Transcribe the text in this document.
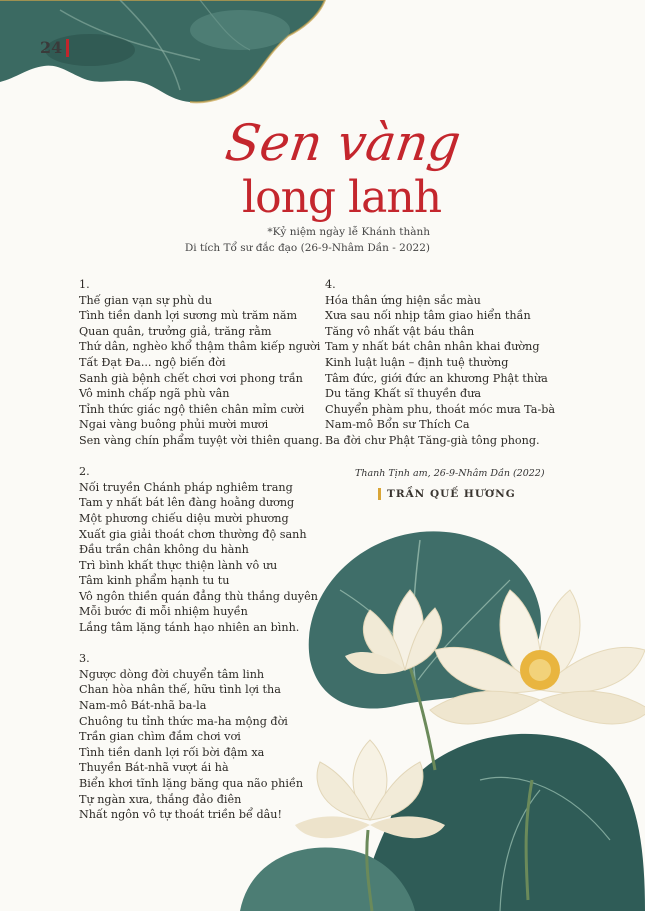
24
Sen vàng
long lanh
*Kỷ niệm ngày lễ Khánh thành
Di tích Tổ sư đắc đạo (26-9-Nhâm Dần - 2022)
1.
Thế gian vạn sự phù du
Tình tiền danh lợi sương mù trăm năm
Quan quân, trưởng giả, trăng rằm
Thứ dân, nghèo khổ thậm thâm kiếp người
Tất Đạt Đa... ngộ biến đời
Sanh già bệnh chết chơi vơi phong trần
Vô minh chấp ngã phù vân
Tỉnh thức giác ngộ thiên chân mỉm cười
Ngai vàng buông phủi mười mươi
Sen vàng chín phẩm tuyệt vời thiên quang.
2.
Nối truyền Chánh pháp nghiêm trang
Tam y nhất bát lên đàng hoằng dương
Một phương chiếu diệu mười phương
Xuất gia giải thoát chơn thường độ sanh
Đầu trần chân không du hành
Trì bình khất thực thiện lành vô ưu
Tâm kinh phẩm hạnh tu tu
Vô ngôn thiền quán đẳng thù thắng duyên
Mỗi bước đi mỗi nhiệm huyền
Lắng tâm lặng tánh hạo nhiên an bình.
3.
Ngược dòng đời chuyển tâm linh
Chan hòa nhân thế, hữu tình lợi tha
Nam-mô Bát-nhã ba-la
Chuông tu tỉnh thức ma-ha mộng đời
Trần gian chìm đắm chơi vơi
Tình tiền danh lợi rối bời đậm xa
Thuyền Bát-nhã vượt ái hà
Biển khơi tĩnh lặng băng qua não phiền
Tự ngàn xưa, thắng đảo điên
Nhất ngôn vô tự thoát triền bể dâu!
4.
Hóa thân ứng hiện sắc màu
Xưa sau nối nhịp tâm giao hiển thần
Tăng vô nhất vật báu thân
Tam y nhất bát chân nhân khai đường
Kinh luật luận – định tuệ thường
Tâm đức, giới đức an khương Phật thừa
Du tăng Khất sĩ thuyền đưa
Chuyển phàm phu, thoát móc mưa Ta-bà
Nam-mô Bổn sư Thích Ca
Ba đời chư Phật Tăng-già tông phong.
Thanh Tịnh am, 26-9-Nhâm Dần (2022)
TRẦN QUẾ HƯƠNG
